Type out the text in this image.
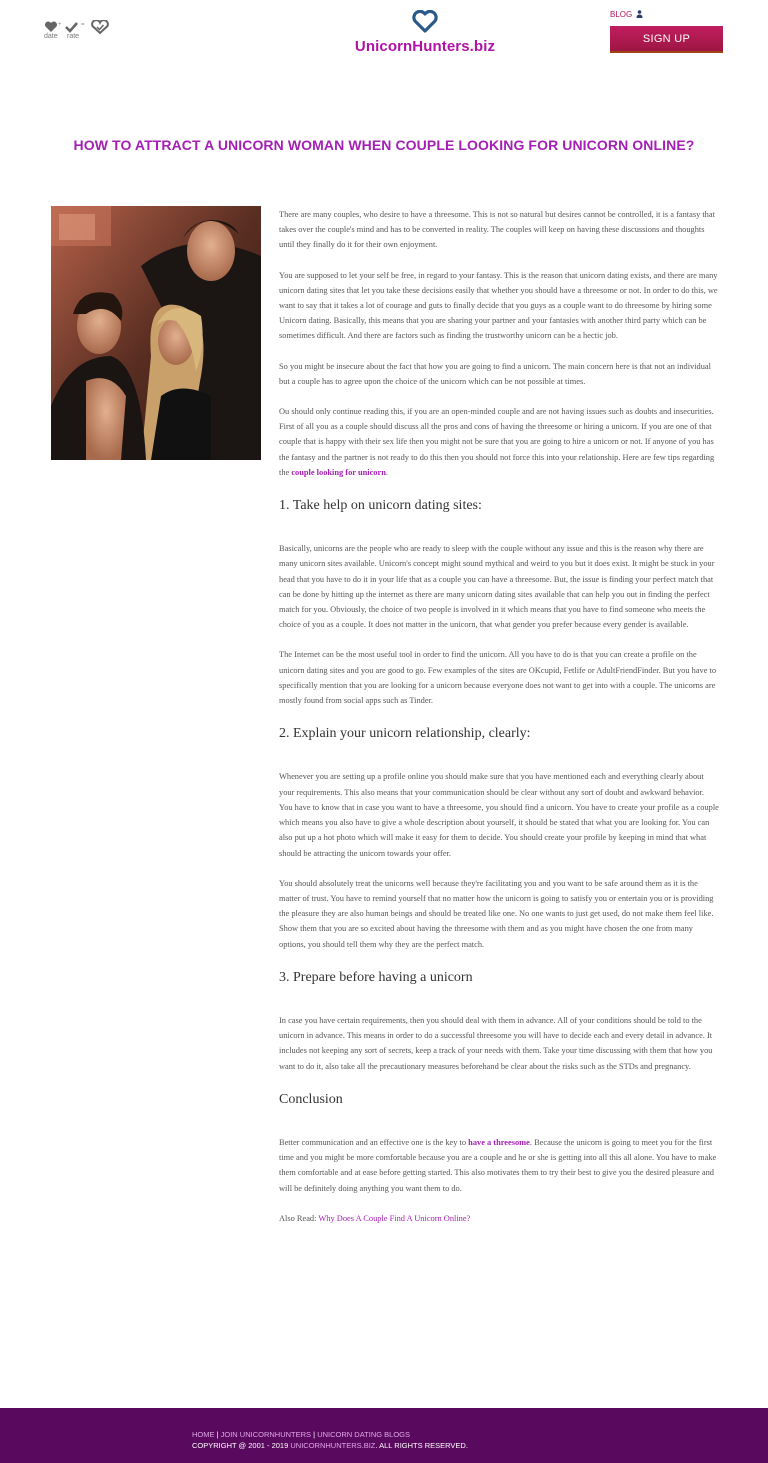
+	=
date rate
UnicornHunters.biz
BLOG
SIGN UP
HOW TO ATTRACT A UNICORN WOMAN WHEN COUPLE LOOKING FOR UNICORN ONLINE?

There are many couples, who desire to have a threesome. This is not so natural but desires cannot be controlled, it is a fantasy that takes over the couple's mind and has to be converted in reality. The couples will keep on having these discussions and thoughts until they finally do it for their own enjoyment.

You are supposed to let your self be free, in regard to your fantasy. This is the reason that unicorn dating exists, and there are many unicorn dating sites that let you take these decisions easily that whether you should have a threesome or not. In order to do this, we want to say that it takes a lot of courage and guts to finally decide that you guys as a couple want to do threesome by hiring some Unicorn dating. Basically, this means that you are sharing your partner and your fantasies with another third party which can be sometimes difficult. And there are factors such as finding the trustworthy unicorn can be a hectic job.

So you might be insecure about the fact that how you are going to find a unicorn. The main concern here is that not an individual but a couple has to agree upon the choice of the unicorn which can be not possible at times.

Ou should only continue reading this, if you are an open-minded couple and are not having issues such as doubts and insecurities. First of all you as a couple should discuss all the pros and cons of having the threesome or hiring a unicorn. If you are one of that couple that is happy with their sex life then you might not be sure that you are going to hire a unicorn or not. If anyone of you has the fantasy and the partner is not ready to do this then you should not force this into your relationship. Here are few tips regarding the couple looking for unicorn.

1. Take help on unicorn dating sites:

Basically, unicorns are the people who are ready to sleep with the couple without any issue and this is the reason why there are many unicorn sites available. Unicorn's concept might sound mythical and weird to you but it does exist. It might be stuck in your head that you have to do it in your life that as a couple you can have a threesome. But, the issue is finding your perfect match that can be done by hitting up the internet as there are many unicorn dating sites available that can help you out in finding the perfect match for you. Obviously, the choice of two people is involved in it which means that you have to find someone who meets the choice of you as a couple. It does not matter in the unicorn, that what gender you prefer because every gender is available.

The Internet can be the most useful tool in order to find the unicorn. All you have to do is that you can create a profile on the unicorn dating sites and you are good to go. Few examples of the sites are OKcupid, Fetlife or AdultFriendFinder. But you have to specifically mention that you are looking for a unicorn because everyone does not want to get into with a couple. The unicorns are mostly found from social apps such as Tinder.

2. Explain your unicorn relationship, clearly:

Whenever you are setting up a profile online you should make sure that you have mentioned each and everything clearly about your requirements. This also means that your communication should be clear without any sort of doubt and awkward behavior. You have to know that in case you want to have a threesome, you should find a unicorn. You have to create your profile as a couple which means you also have to give a whole description about yourself, it should be stated that what you are looking for. You can also put up a hot photo which will make it easy for them to decide. You should create your profile by keeping in mind that what should be attracting the unicorn towards your offer.

You should absolutely treat the unicorns well because they're facilitating you and you want to be safe around them as it is the matter of trust. You have to remind yourself that no matter how the unicorn is going to satisfy you or entertain you or is providing the pleasure they are also human beings and should be treated like one. No one wants to just get used, do not make them feel like. Show them that you are so excited about having the threesome with them and as you might have chosen the one from many options, you should tell them why they are the perfect match.

3. Prepare before having a unicorn

In case you have certain requirements, then you should deal with them in advance. All of your conditions should be told to the unicorn in advance. This means in order to do a successful threesome you will have to decide each and every detail in advance. It includes not keeping any sort of secrets, keep a track of your needs with them. Take your time discussing with them that how you want to do it, also take all the precautionary measures beforehand be clear about the risks such as the STDs and pregnancy.

Conclusion

Better communication and an effective one is the key to have a threesome. Because the unicorn is going to meet you for the first time and you might be more comfortable because you are a couple and he or she is getting into all this all alone. You have to make them comfortable and at ease before getting started. This also motivates them to try their best to give you the desired pleasure and will be definitely doing anything you want them to do.

Also Read: Why Does A Couple Find A Unicorn Online?

HOME | JOIN UNICORNHUNTERS | UNICORN DATING BLOGS
COPYRIGHT @ 2001 - 2019 UNICORNHUNTERS.BIZ. ALL RIGHTS RESERVED.
